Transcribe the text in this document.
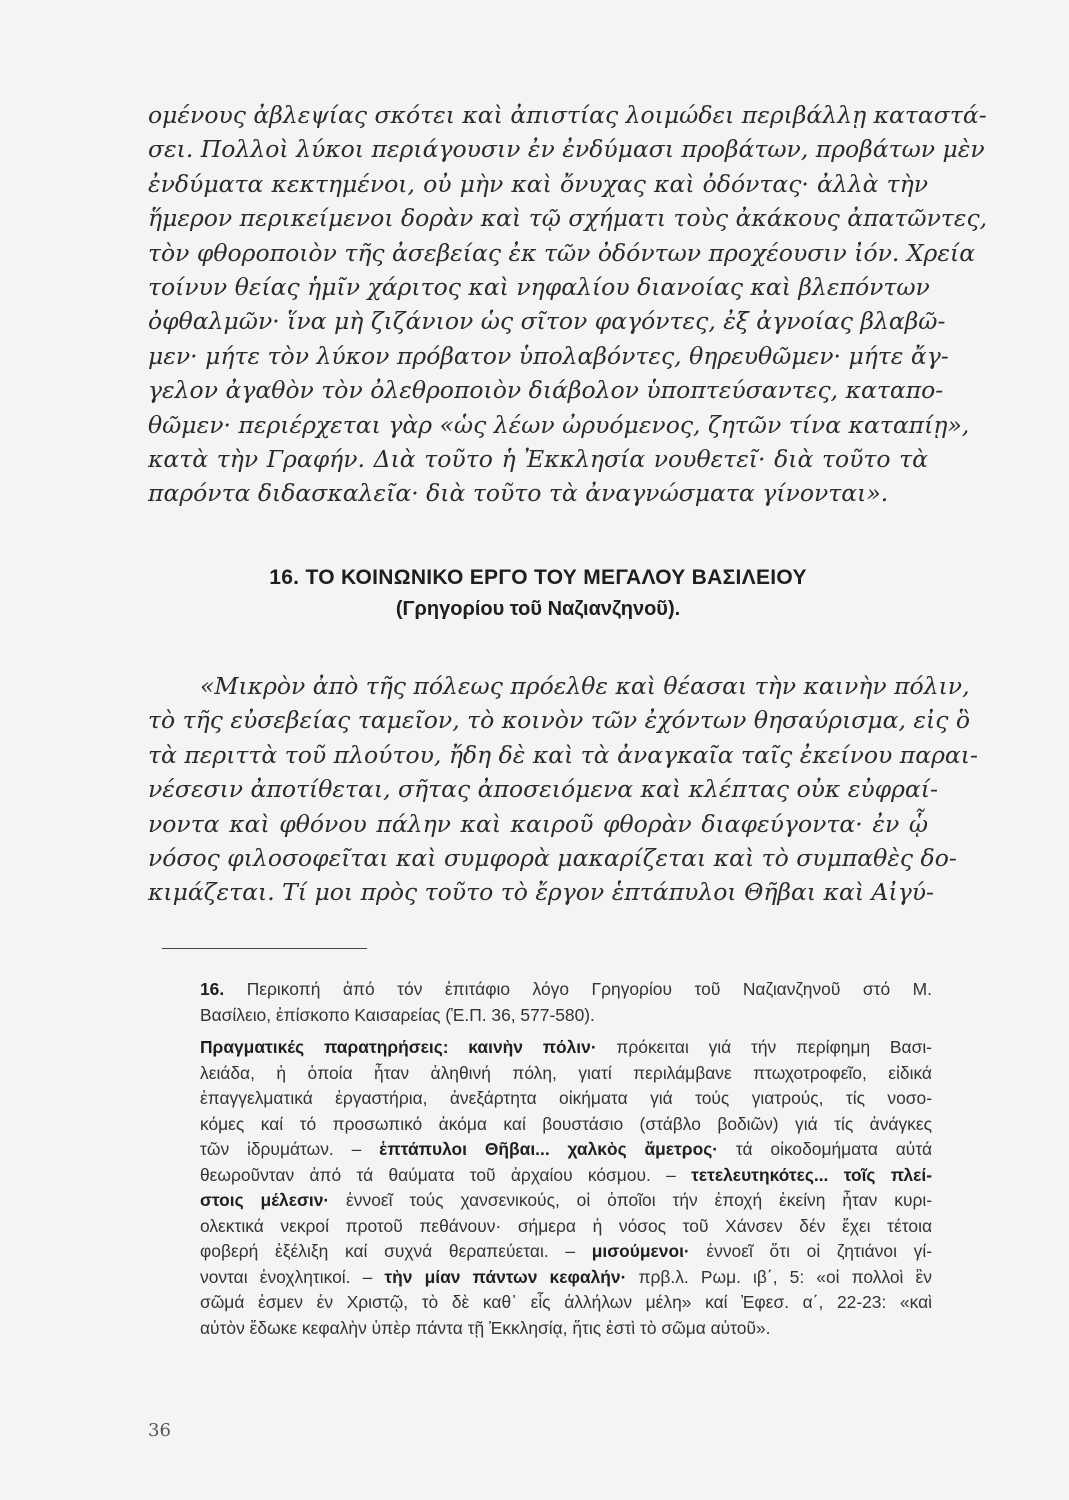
ομένους ἀβλεψίας σκότει καὶ ἀπιστίας λοιμώδει περιβάλλῃ καταστά-
σει. Πολλοὶ λύκοι περιάγουσιν ἐν ἐνδύμασι προβάτων, προβάτων μὲν
ἐνδύματα κεκτημένοι, οὐ μὴν καὶ ὄνυχας καὶ ὀδόντας· ἀλλὰ τὴν
ἥμερον περικείμενοι δορὰν καὶ τῷ σχήματι τοὺς ἀκάκους ἀπατῶντες,
τὸν φθοροποιὸν τῆς ἀσεβείας ἐκ τῶν ὀδόντων προχέουσιν ἰόν. Χρεία
τοίνυν θείας ἡμῖν χάριτος καὶ νηφαλίου διανοίας καὶ βλεπόντων
ὀφθαλμῶν· ἵνα μὴ ζιζάνιον ὡς σῖτον φαγόντες, ἐξ ἀγνοίας βλαβῶ-
μεν· μήτε τὸν λύκον πρόβατον ὑπολαβόντες, θηρευθῶμεν· μήτε ἄγ-
γελον ἀγαθὸν τὸν ὀλεθροποιὸν διάβολον ὑποπτεύσαντες, καταπο-
θῶμεν· περιέρχεται γὰρ «ὡς λέων ὠρυόμενος, ζητῶν τίνα καταπίῃ»,
κατὰ τὴν Γραφήν. Διὰ τοῦτο ἡ Ἐκκλησία νουθετεῖ· διὰ τοῦτο τὰ
παρόντα διδασκαλεῖα· διὰ τοῦτο τὰ ἀναγνώσματα γίνονται».
16. ΤΟ ΚΟΙΝΩΝΙΚΟ ΕΡΓΟ ΤΟΥ ΜΕΓΑΛΟΥ ΒΑΣΙΛΕΙΟΥ
(Γρηγορίου τοῦ Ναζιανζηνοῦ).
«Μικρὸν ἀπὸ τῆς πόλεως πρόελθε καὶ θέασαι τὴν καινὴν πόλιν,
τὸ τῆς εὐσεβείας ταμεῖον, τὸ κοινὸν τῶν ἐχόντων θησαύρισμα, εἰς ὃ
τὰ περιττὰ τοῦ πλούτου, ἤδη δὲ καὶ τὰ ἀναγκαῖα ταῖς ἐκείνου παραι-
νέσεσιν ἀποτίθεται, σῆτας ἀποσειόμενα καὶ κλέπτας οὐκ εὐφραί-
νοντα καὶ φθόνου πάλην καὶ καιροῦ φθορὰν διαφεύγοντα· ἐν ᾧ
νόσος φιλοσοφεῖται καὶ συμφορὰ μακαρίζεται καὶ τὸ συμπαθὲς δο-
κιμάζεται. Τί μοι πρὸς τοῦτο τὸ ἔργον ἑπτάπυλοι Θῆβαι καὶ Αἰγύ-
16. Περικοπή ἀπό τόν ἐπιτάφιο λόγο Γρηγορίου τοῦ Ναζιανζηνοῦ στό Μ.
Βασίλειο, ἐπίσκοπο Καισαρείας (Ἑ.Π. 36, 577-580).
Πραγματικές παρατηρήσεις: καινὴν πόλιν· πρόκειται γιά τήν περίφημη Βασι-
λειάδα, ἡ ὁποία ἦταν ἀληθινή πόλη, γιατί περιλάμβανε πτωχοτροφεῖο, εἰδικά
ἐπαγγελματικά ἐργαστήρια, ἀνεξάρτητα οἰκήματα γιά τούς γιατρούς, τίς νοσο-
κόμες καί τό προσωπικό ἀκόμα καί βουστάσιο (στάβλο βοδιῶν) γιά τίς ἀνάγκες
τῶν ἱδρυμάτων. – ἑπτάπυλοι Θῆβαι... χαλκὸς ἄμετρος· τά οἰκοδομήματα αὐτά
θεωροῦνταν ἀπό τά θαύματα τοῦ ἀρχαίου κόσμου. – τετελευτηκότες... τοῖς πλεί-
στοις μέλεσιν· ἐννοεῖ τούς χανσενικούς, οἱ ὁποῖοι τήν ἐποχή ἐκείνη ἦταν κυρι-
ολεκτικά νεκροί προτοῦ πεθάνουν· σήμερα ἡ νόσος τοῦ Χάνσεν δέν ἔχει τέτοια
φοβερή ἐξέλιξη καί συχνά θεραπεύεται. – μισούμενοι· ἐννοεῖ ὅτι οἱ ζητιάνοι γί-
νονται ἐνοχλητικοί. – τὴν μίαν πάντων κεφαλήν· πρβ.λ. Ρωμ. ιβ΄, 5: «οἱ πολλοὶ ἓν
σῶμά ἐσμεν ἐν Χριστῷ, τὸ δὲ καθ᾽ εἷς ἀλλήλων μέλη» καί Ἐφεσ. α΄, 22-23: «καὶ
αὐτὸν ἔδωκε κεφαλὴν ὑπὲρ πάντα τῇ Ἐκκλησίᾳ, ἥτις ἐστὶ τὸ σῶμα αὐτοῦ».
36
